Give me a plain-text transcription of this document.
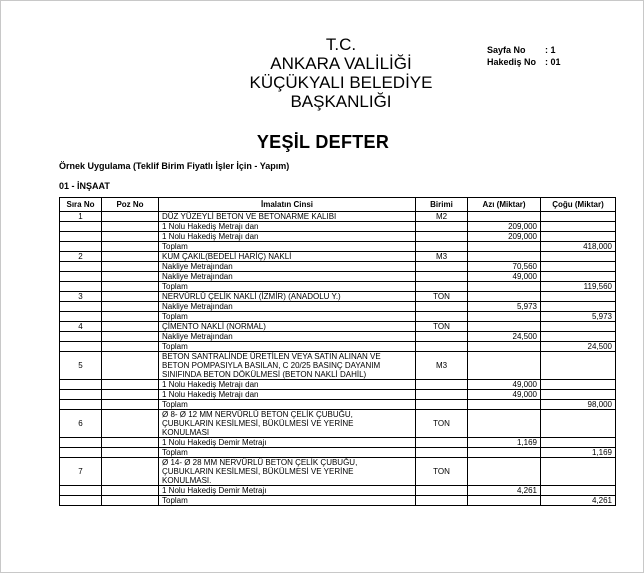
T.C.
ANKARA VALİLİĞİ
KÜÇÜKYALI BELEDİYE
BAŞKANLIĞI
Sayfa No	: 1
Hakediş No : 01
YEŞİL DEFTER
Örnek Uygulama (Teklif Birim Fiyatlı İşler İçin - Yapım)
01 - İNŞAAT
Sıra No	Poz No	İmalatın Cinsi	Birimi	Azı (Miktar)	Çoğu (Miktar)
1		DÜZ YÜZEYLİ BETON VE BETONARME KALIBI	M2		
		1 Nolu Hakediş Metrajı dan		209,000	
		1 Nolu Hakediş Metrajı dan		209,000	
		Toplam			418,000
2		KUM ÇAKIL(BEDELİ HARİÇ) NAKLİ	M3		
		Nakliye Metrajından		70,560	
		Nakliye Metrajından		49,000	
		Toplam			119,560
3		NERVÜRLÜ ÇELİK NAKLİ (İZMİR) (ANADOLU Y.)	TON		
		Nakliye Metrajından		5,973	
		Toplam			5,973
4		ÇİMENTO NAKLİ (NORMAL)	TON		
		Nakliye Metrajından		24,500	
		Toplam			24,500
5		BETON SANTRALİNDE ÜRETİLEN VEYA SATIN ALINAN VE
BETON POMPASIYLA BASILAN, C 20/25 BASINÇ DAYANIM
SINIFINDA BETON DÖKÜLMESİ (BETON NAKLİ DAHİL)	M3		
		1 Nolu Hakediş Metrajı dan		49,000	
		1 Nolu Hakediş Metrajı dan		49,000	
		Toplam			98,000
6		Ø 8- Ø 12 MM NERVÜRLÜ BETON ÇELİK ÇUBUĞU,
ÇUBUKLARIN KESİLMESİ, BÜKÜLMESİ VE YERİNE
KONULMASI	TON		
		1 Nolu Hakediş Demir Metrajı		1,169	
		Toplam			1,169
7		Ø 14- Ø 28 MM NERVÜRLÜ BETON ÇELİK ÇUBUĞU,
ÇUBUKLARIN KESİLMESİ, BÜKÜLMESİ VE YERİNE
KONULMASI.	TON		
		1 Nolu Hakediş Demir Metrajı		4,261	
		Toplam			4,261
